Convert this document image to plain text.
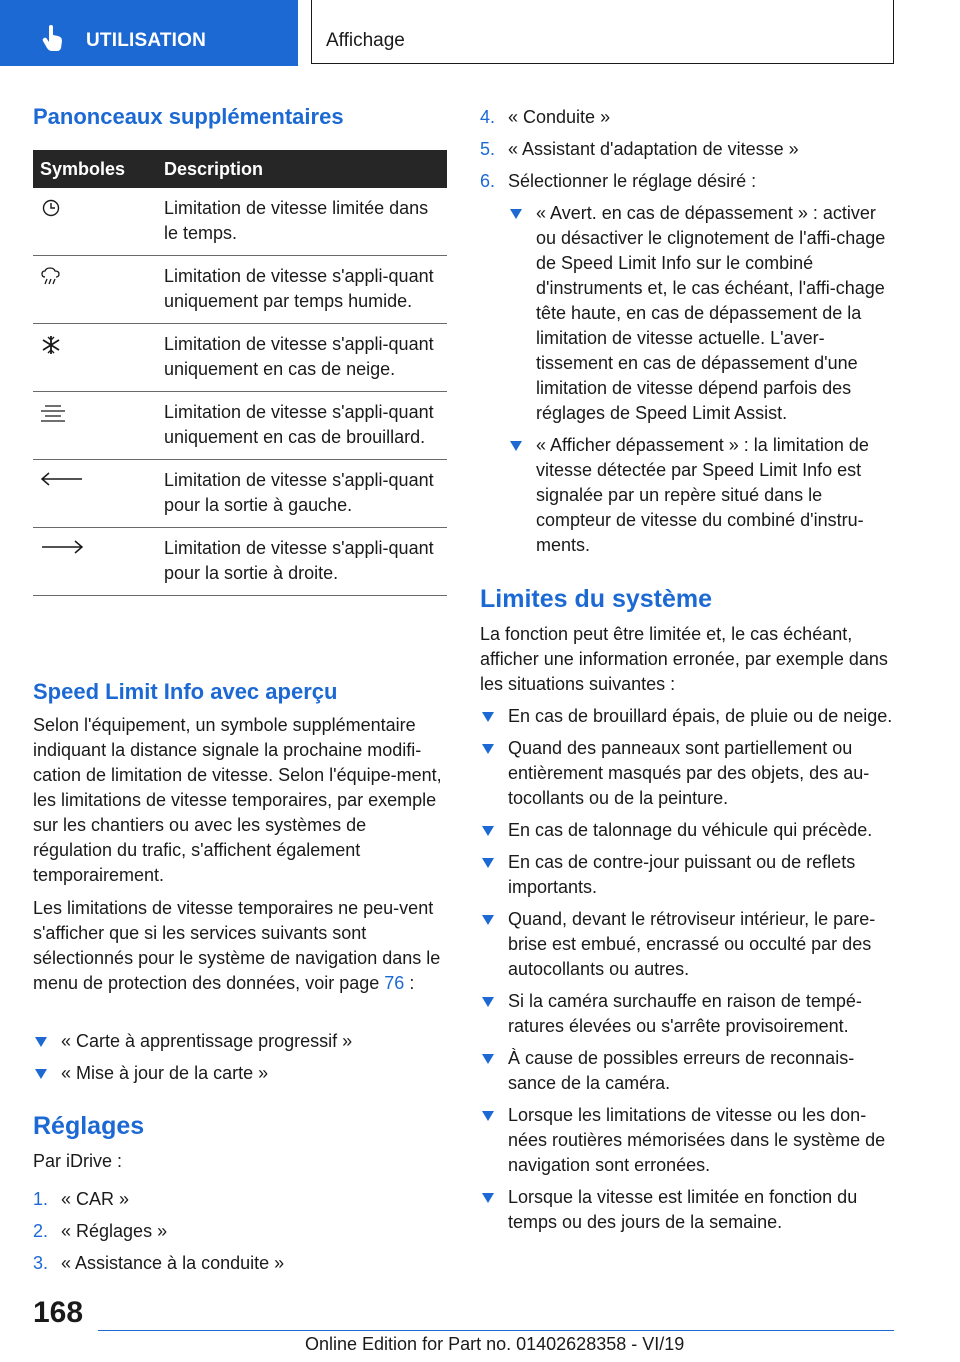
UTILISATION	Affichage
Panonceaux supplémentaires
Symboles	Description

	Limitation de vitesse limitée dans le temps.

	Limitation de vitesse s'appli-quant uniquement par temps humide.

	Limitation de vitesse s'appli-quant uniquement en cas de neige.

	Limitation de vitesse s'appli-quant uniquement en cas de brouillard.

	Limitation de vitesse s'appli-quant pour la sortie à gauche.

	Limitation de vitesse s'appli-quant pour la sortie à droite.
Speed Limit Info avec aperçu

Selon l'équipement, un symbole supplémentaire indiquant la distance signale la prochaine modifi-cation de limitation de vitesse. Selon l'équipe-ment, les limitations de vitesse temporaires, par exemple sur les chantiers ou avec les systèmes de régulation du trafic, s'affichent également temporairement.

Les limitations de vitesse temporaires ne peu-vent s'afficher que si les services suivants sont sélectionnés pour le système de navigation dans le menu de protection des données, voir page 76 :

« Carte à apprentissage progressif »
« Mise à jour de la carte »
Réglages

Par iDrive :

1. « CAR »
2. « Réglages »
3. « Assistance à la conduite »
4. « Conduite »
5. « Assistant d'adaptation de vitesse »
6. Sélectionner le réglage désiré :
« Avert. en cas de dépassement » : activer ou désactiver le clignotement de l'affi-chage de Speed Limit Info sur le combiné d'instruments et, le cas échéant, l'affi-chage tête haute, en cas de dépassement de la limitation de vitesse actuelle. L'aver-tissement en cas de dépassement d'une limitation de vitesse dépend parfois des réglages de Speed Limit Assist.
« Afficher dépassement » : la limitation de vitesse détectée par Speed Limit Info est signalée par un repère situé dans le compteur de vitesse du combiné d'instru-ments.
Limites du système

La fonction peut être limitée et, le cas échéant, afficher une information erronée, par exemple dans les situations suivantes :

En cas de brouillard épais, de pluie ou de neige.
Quand des panneaux sont partiellement ou entièrement masqués par des objets, des au-tocollants ou de la peinture.
En cas de talonnage du véhicule qui précède.
En cas de contre-jour puissant ou de reflets importants.
Quand, devant le rétroviseur intérieur, le pare-brise est embué, encrassé ou occulté par des autocollants ou autres.
Si la caméra surchauffe en raison de tempé-ratures élevées ou s'arrête provisoirement.
À cause de possibles erreurs de reconnais-sance de la caméra.
Lorsque les limitations de vitesse ou les don-nées routières mémorisées dans le système de navigation sont erronées.
Lorsque la vitesse est limitée en fonction du temps ou des jours de la semaine.
168
Online Edition for Part no. 01402628358 - VI/19
